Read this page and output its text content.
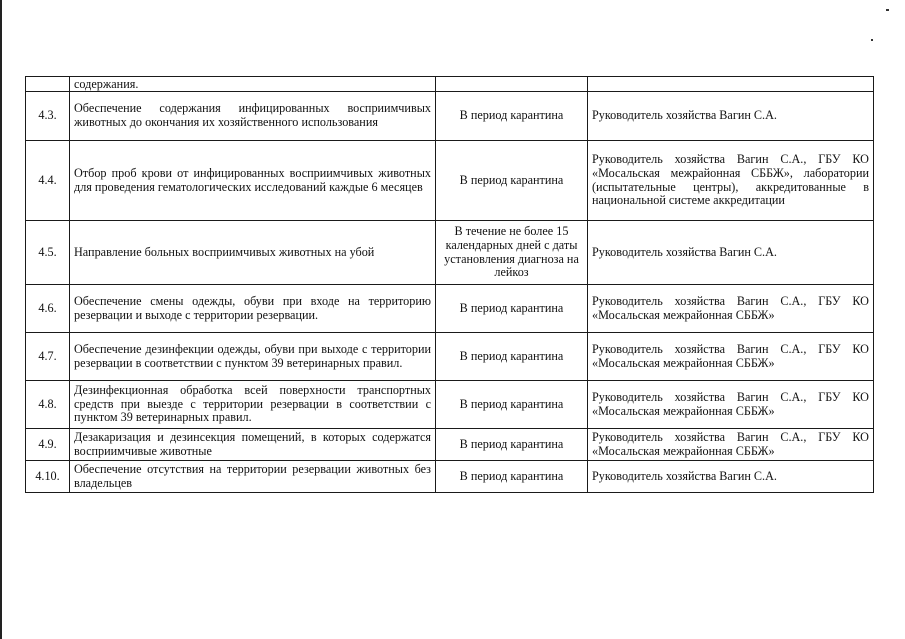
	содержания.		
4.3.	Обеспечение содержания инфицированных восприимчивых животных до окончания их хозяйственного использования	В период карантина	Руководитель хозяйства Вагин С.А.
4.4.	Отбор проб крови от инфицированных восприимчивых животных для проведения гематологических исследований каждые 6 месяцев	В период карантина	Руководитель хозяйства Вагин С.А., ГБУ КО «Мосальская межрайонная СББЖ», лаборатории (испытательные центры), аккредитованные в национальной системе аккредитации
4.5.	Направление больных восприимчивых животных на убой	В течение не более 15 календарных дней с даты установления диагноза на лейкоз	Руководитель хозяйства Вагин С.А.
4.6.	Обеспечение смены одежды, обуви при входе на территорию резервации и выходе с территории резервации.	В период карантина	Руководитель хозяйства Вагин С.А., ГБУ КО «Мосальская межрайонная СББЖ»
4.7.	Обеспечение дезинфекции одежды, обуви при выходе с территории резервации в соответствии с пунктом 39 ветеринарных правил.	В период карантина	Руководитель хозяйства Вагин С.А., ГБУ КО «Мосальская межрайонная СББЖ»
4.8.	Дезинфекционная обработка всей поверхности транспортных средств при выезде с территории резервации в соответствии с пунктом 39 ветеринарных правил.	В период карантина	Руководитель хозяйства Вагин С.А., ГБУ КО «Мосальская межрайонная СББЖ»
4.9.	Дезакаризация и дезинсекция помещений, в которых содержатся восприимчивые животные	В период карантина	Руководитель хозяйства Вагин С.А., ГБУ КО «Мосальская межрайонная СББЖ»
4.10.	Обеспечение отсутствия на территории резервации животных без владельцев	В период карантина	Руководитель хозяйства Вагин С.А.
